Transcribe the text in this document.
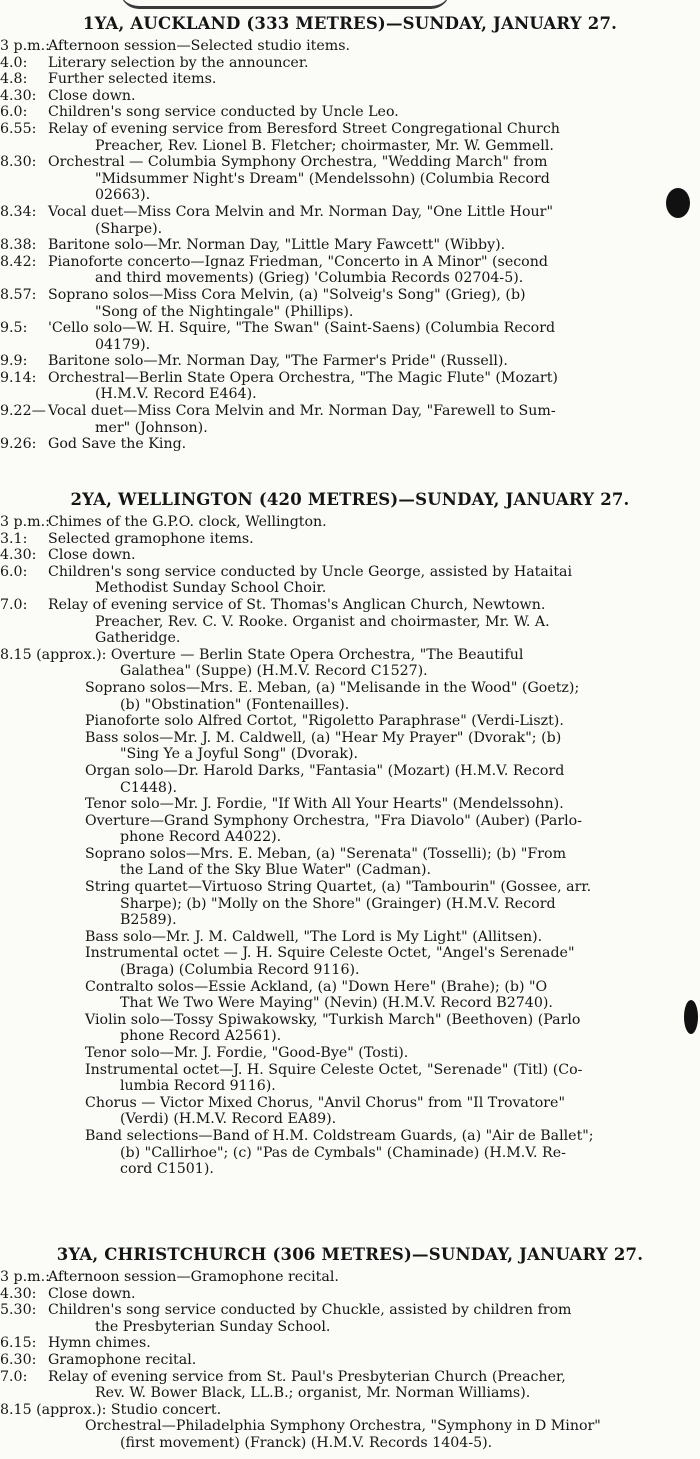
1YA, AUCKLAND (333 METRES)—SUNDAY, JANUARY 27.
3 p.m.:Afternoon session—Selected studio items.
4.0: Literary selection by the announcer.
4.8: Further selected items.
4.30: Close down.
6.0: Children's song service conducted by Uncle Leo.
6.55: Relay of evening service from Beresford Street Congregational Church
Preacher, Rev. Lionel B. Fletcher; choirmaster, Mr. W. Gemmell.
8.30: Orchestral — Columbia Symphony Orchestra, "Wedding March" from
"Midsummer Night's Dream" (Mendelssohn) (Columbia Record
02663).
8.34: Vocal duet—Miss Cora Melvin and Mr. Norman Day, "One Little Hour"
(Sharpe).
8.38: Baritone solo—Mr. Norman Day, "Little Mary Fawcett" (Wibby).
8.42: Pianoforte concerto—Ignaz Friedman, "Concerto in A Minor" (second
and third movements) (Grieg) 'Columbia Records 02704-5).
8.57: Soprano solos—Miss Cora Melvin, (a) "Solveig's Song" (Grieg), (b)
"Song of the Nightingale" (Phillips).
9.5: 'Cello solo—W. H. Squire, "The Swan" (Saint-Saens) (Columbia Record
04179).
9.9: Baritone solo—Mr. Norman Day, "The Farmer's Pride" (Russell).
9.14: Orchestral—Berlin State Opera Orchestra, "The Magic Flute" (Mozart)
(H.M.V. Record E464).
9.22— Vocal duet—Miss Cora Melvin and Mr. Norman Day, "Farewell to Sum-
mer" (Johnson).
9.26: God Save the King.
2YA, WELLINGTON (420 METRES)—SUNDAY, JANUARY 27.
3 p.m.:Chimes of the G.P.O. clock, Wellington.
3.1: Selected gramophone items.
4.30: Close down.
6.0: Children's song service conducted by Uncle George, assisted by Hataitai
Methodist Sunday School Choir.
7.0: Relay of evening service of St. Thomas's Anglican Church, Newtown.
Preacher, Rev. C. V. Rooke. Organist and choirmaster, Mr. W. A.
Gatheridge.
8.15 (approx.): Overture — Berlin State Opera Orchestra, "The Beautiful
Galathea" (Suppe) (H.M.V. Record C1527).
Soprano solos—Mrs. E. Meban, (a) "Melisande in the Wood" (Goetz);
(b) "Obstination" (Fontenailles).
Pianoforte solo Alfred Cortot, "Rigoletto Paraphrase" (Verdi-Liszt).
Bass solos—Mr. J. M. Caldwell, (a) "Hear My Prayer" (Dvorak"; (b)
"Sing Ye a Joyful Song" (Dvorak).
Organ solo—Dr. Harold Darks, "Fantasia" (Mozart) (H.M.V. Record
C1448).
Tenor solo—Mr. J. Fordie, "If With All Your Hearts" (Mendelssohn).
Overture—Grand Symphony Orchestra, "Fra Diavolo" (Auber) (Parlo-
phone Record A4022).
Soprano solos—Mrs. E. Meban, (a) "Serenata" (Tosselli); (b) "From
the Land of the Sky Blue Water" (Cadman).
String quartet—Virtuoso String Quartet, (a) "Tambourin" (Gossee, arr.
Sharpe); (b) "Molly on the Shore" (Grainger) (H.M.V. Record
B2589).
Bass solo—Mr. J. M. Caldwell, "The Lord is My Light" (Allitsen).
Instrumental octet — J. H. Squire Celeste Octet, "Angel's Serenade"
(Braga) (Columbia Record 9116).
Contralto solos—Essie Ackland, (a) "Down Here" (Brahe); (b) "O
That We Two Were Maying" (Nevin) (H.M.V. Record B2740).
Violin solo—Tossy Spiwakowsky, "Turkish March" (Beethoven) (Parlo
phone Record A2561).
Tenor solo—Mr. J. Fordie, "Good-Bye" (Tosti).
Instrumental octet—J. H. Squire Celeste Octet, "Serenade" (Titl) (Co-
lumbia Record 9116).
Chorus — Victor Mixed Chorus, "Anvil Chorus" from "Il Trovatore"
(Verdi) (H.M.V. Record EA89).
Band selections—Band of H.M. Coldstream Guards, (a) "Air de Ballet";
(b) "Callirhoe"; (c) "Pas de Cymbals" (Chaminade) (H.M.V. Re-
cord C1501).
3YA, CHRISTCHURCH (306 METRES)—SUNDAY, JANUARY 27.
3 p.m.:Afternoon session—Gramophone recital.
4.30: Close down.
5.30: Children's song service conducted by Chuckle, assisted by children from
the Presbyterian Sunday School.
6.15: Hymn chimes.
6.30: Gramophone recital.
7.0: Relay of evening service from St. Paul's Presbyterian Church (Preacher,
Rev. W. Bower Black, LL.B.; organist, Mr. Norman Williams).
8.15 (approx.): Studio concert.
Orchestral—Philadelphia Symphony Orchestra, "Symphony in D Minor"
(first movement) (Franck) (H.M.V. Records 1404-5).
